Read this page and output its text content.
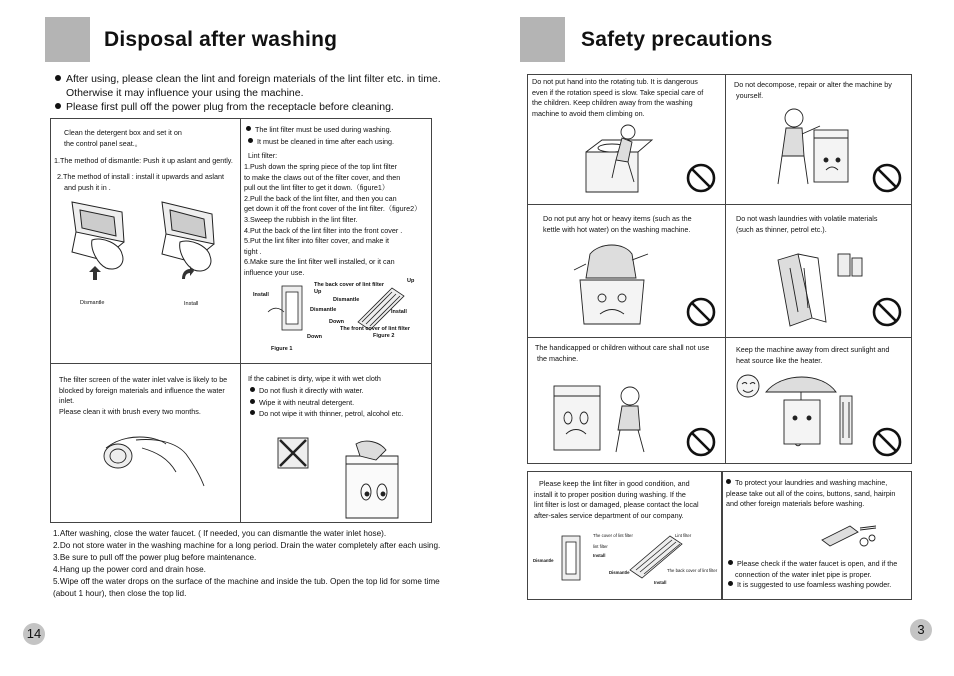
Disposal after washing
After using, please clean the lint and foreign materials of the lint filter etc. in time.
Otherwise it may influence your using the machine.
Please first pull off the power plug from the receptacle before cleaning.
Clean the detergent box and set it on
the control panel seat.。
1.The method of dismantle: Push it up aslant and gently.
2.The method of install : install it upwards and aslant
and push it in .
Dismantle	Install
The lint filter must be used during washing.
It must be cleaned in time after each using.
Lint filter:
1.Push down the spring piece of the top lint filter
to make the claws out of the filter cover, and then
pull out the lint filter to get it down.（figure1）
2.Pull the back of the lint filter, and then you can
get down it off the front cover of the lint filter.（figure2）
3.Sweep the rubbish in the lint filter.
4.Put the back of the lint filter into the front cover .
5.Put the lint filter into filter cover, and make it
tight .
6.Make sure the lint filter well installed, or it can
influence your use.
Install
The back cover of lint filter
Up
Up
Dismantle
Dismantle	Install
Down
The front cover of lint filter
Down	Figure 2
Figure 1
The filter screen of the water inlet valve is likely to be
blocked by foreign materials and influence the water
inlet.
Please clean it with brush every two months.
If the cabinet is dirty, wipe it with wet cloth
Do not flush it directly with water.
Wipe it with neutral detergent.
Do not wipe it with thinner, petrol, alcohol etc.
1.After washing, close the water faucet. ( If needed, you can dismantle the water inlet hose).
2.Do not store water in the washing machine for a long period. Drain the water completely after each using.
3.Be sure to pull off the power plug before maintenance.
4.Hang up the power cord and drain hose.
5.Wipe off the water drops on the surface of the machine and inside the tub. Open the top lid for some time
(about 1 hour), then close the top lid.
14
Safety precautions
Do not put hand into the rotating tub. It is dangerous
even if the rotation speed is slow. Take special care of
the children. Keep children away from the washing
machine to avoid them climbing on.
Do not decompose, repair or alter the machine by
yourself.
Do not put any hot or heavy items (such as the
kettle with hot water) on the washing machine.
Do not wash laundries with volatile materials
(such as thinner, petrol etc.).
The handicapped or children without care shall not use
the machine.
Keep the machine away from direct sunlight and
heat source like the heater.
Please keep the lint filter in good condition, and
install it to proper position during washing. If the
lint filter is lost or damaged, please contact the local
after-sales service department of our company.
The cover of lint filter	Lint filter
lint filter
Install
Dismantle
The back cover of lint filter
Dismantle
Install
To protect your laundries and washing machine,
please take out all of the coins, buttons, sand, hairpin
and other foreign materials before washing.
Please check if the water faucet is open, and if the
connection of the water inlet pipe is proper.
It is suggested to use foamless washing powder.
3
